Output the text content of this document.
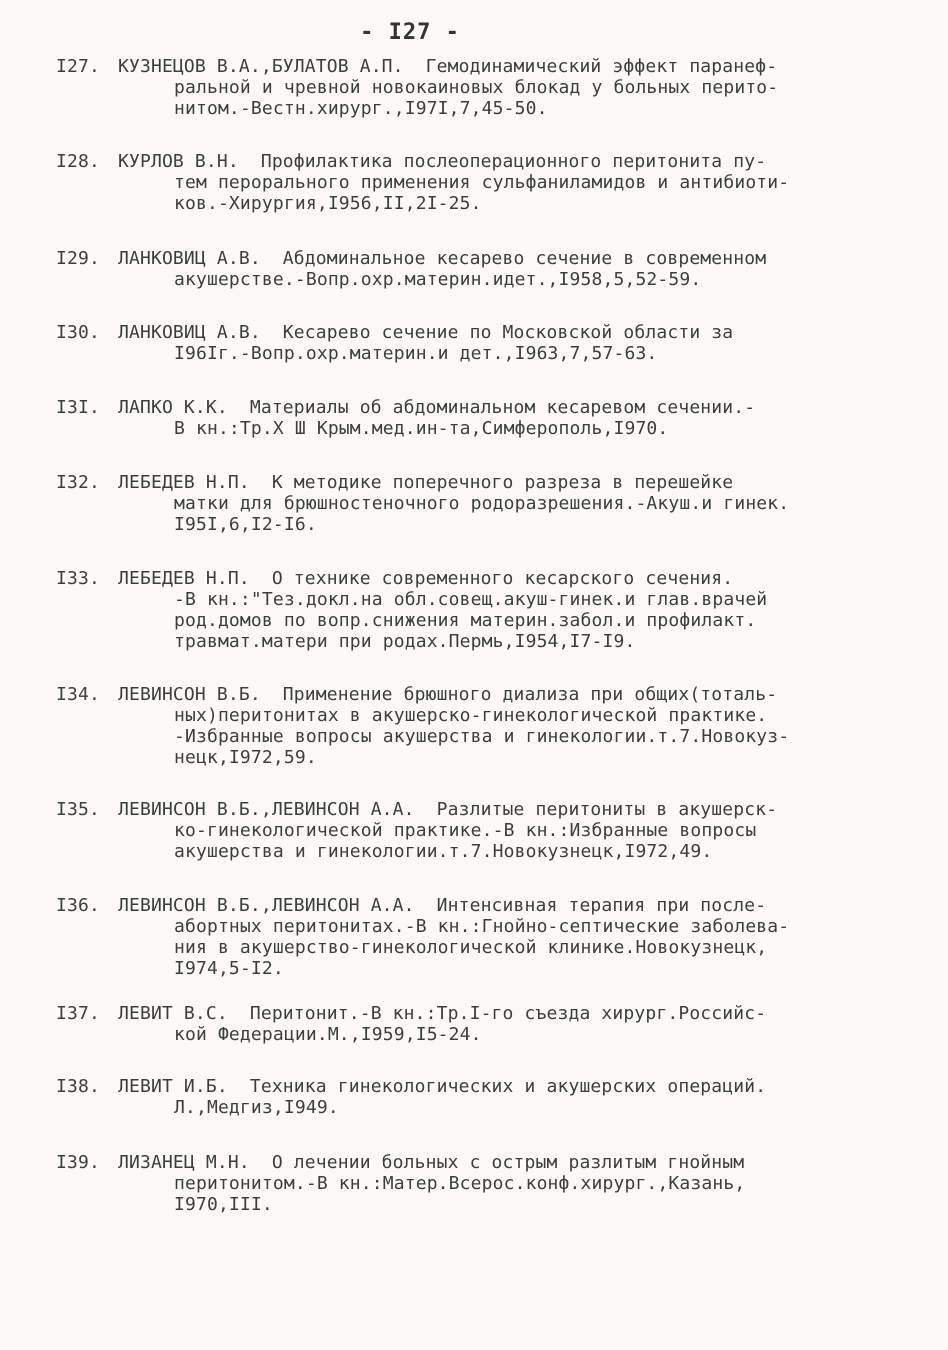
- I27 -
I27. КУЗНЕЦОВ В.А.,БУЛАТОВ А.П.  Гемодинамический эффект паранеф-
ральной и чревной новокаиновых блокад у больных перито-
нитом.-Вестн.хирург.,I97I,7,45-50.
I28. КУРЛОВ В.Н.  Профилактика послеоперационного перитонита пу-
тем перорального применения сульфаниламидов и антибиоти-
ков.-Хирургия,I956,II,2I-25.
I29. ЛАНКОВИЦ А.В.  Абдоминальное кесарево сечение в современном
акушерстве.-Вопр.охр.материн.идет.,I958,5,52-59.
I30. ЛАНКОВИЦ А.В.  Кесарево сечение по Московской области за
I96Iг.-Вопр.охр.материн.и дет.,I963,7,57-63.
I3I. ЛАПКО К.К.  Материалы об абдоминальном кесаревом сечении.-
В кн.:Тр.Х Ш Крым.мед.ин-та,Симферополь,I970.
I32. ЛЕБЕДЕВ Н.П.  К методике поперечного разреза в перешейке
матки для брюшностеночного родоразрешения.-Акуш.и гинек.
I95I,6,I2-I6.
I33. ЛЕБЕДЕВ Н.П.  О технике современного кесарского сечения.
-В кн.:"Тез.докл.на обл.совещ.акуш-гинек.и глав.врачей
род.домов по вопр.снижения материн.забол.и профилакт.
травмат.матери при родах.Пермь,I954,I7-I9.
I34. ЛЕВИНСОН В.Б.  Применение брюшного диализа при общих(тоталь-
ных)перитонитах в акушерско-гинекологической практике.
-Избранные вопросы акушерства и гинекологии.т.7.Новокуз-
нецк,I972,59.
I35. ЛЕВИНСОН В.Б.,ЛЕВИНСОН А.А.  Разлитые перитониты в акушерск-
ко-гинекологической практике.-В кн.:Избранные вопросы
акушерства и гинекологии.т.7.Новокузнецк,I972,49.
I36. ЛЕВИНСОН В.Б.,ЛЕВИНСОН А.А.  Интенсивная терапия при после-
абортных перитонитах.-В кн.:Гнойно-септические заболева-
ния в акушерство-гинекологической клинике.Новокузнецк,
I974,5-I2.
I37. ЛЕВИТ В.С.  Перитонит.-В кн.:Тр.I-го съезда хирург.Российс-
кой Федерации.М.,I959,I5-24.
I38. ЛЕВИТ И.Б.  Техника гинекологических и акушерских операций.
Л.,Медгиз,I949.
I39. ЛИЗАНЕЦ М.Н.  О лечении больных с острым разлитым гнойным
перитонитом.-В кн.:Матер.Всерос.конф.хирург.,Казань,
I970,III.
